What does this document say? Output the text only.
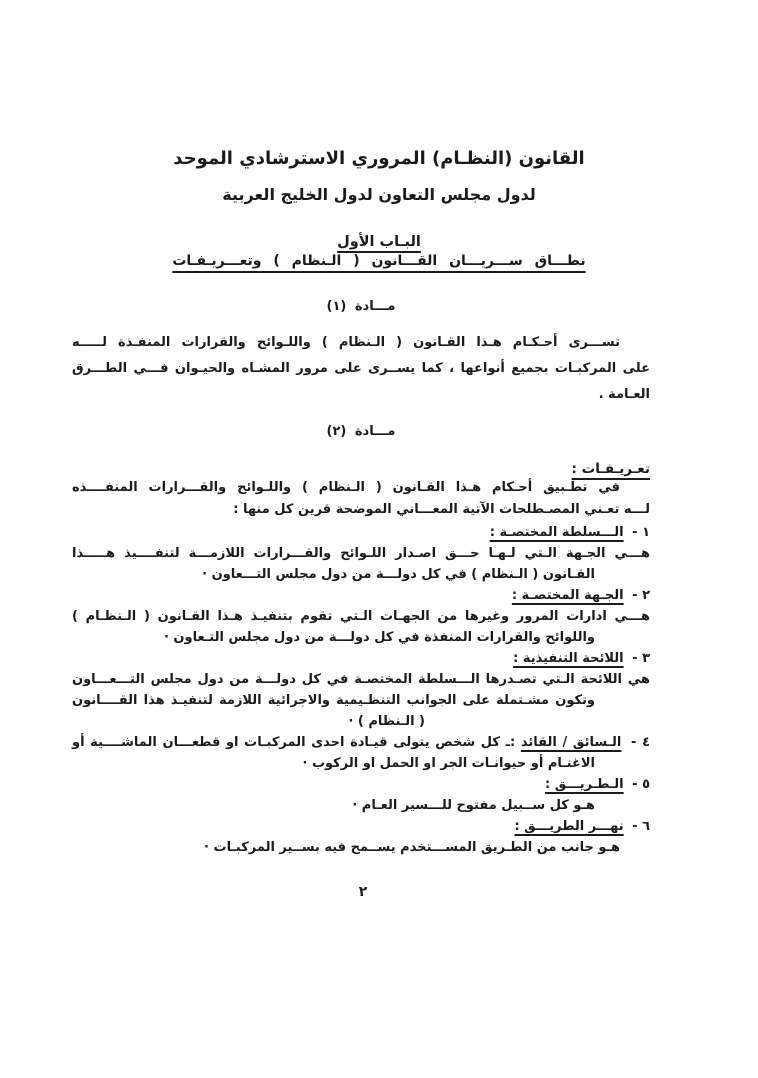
القانون (النظـام) المروري الاسترشادي الموحد
لدول مجلس التعاون لدول الخليج العربية
البـاب الأول
نطـــاق ســـريـــان القـــانون ( الـنظام ) وتعـــريـفـات
مـــادة (١)
تســـرى أحـكـام هـذا القـانون ( الـنظام ) واللـوائح والقرارات المنفـذة لـــــه
على المركبـات بجميع أنواعها ، كما يســرى على مرور المشـاه والحيـوان فـــي الطـــرق
العـامة .
مـــادة (٢)
تعـريـفـات :
في تطـبيق أحـكام هـذا القـانون ( الـنظام ) واللـوائح والقـــرارات المنفــــذه
لـــه تعـني المصـطلحات الآتية المعـــاني الموضحة قرين كل منها :
١ - الـــسلطة المختصـة :
هـــي الجـهة الـتي لـهـا حـــق اصـدار اللـوائح والقـــرارات اللازمـــة لتنفــــيذ هـــــذا
القـانون ( الـنظام ) في كل دولـــة من دول مجلس التـــعاون ·
٢ - الجـهة المختصـة :
هـــي ادارات المرور وغيرها من الجهـات الـتي تقوم بتنفيـذ هـذا القـانون ( الـنظـام )
واللوائح والقرارات المنفذة في كل دولـــة من دول مجلس التـعاون ·
٣ - اللائحة التنفيذية :
هي اللائحة الـتي تصـدرها الـــسلطة المختصـة في كل دولـــة من دول مجلس التـــعـــاون
وتكون مشـتملة على الجوانب التنظـيمية والاجرائية اللازمة لتنفيـذ هذا القــــانون
( الـنظام ) ·
٤ - الـسائق / القائد :ـ كل شخص يتولى قيـادة احدى المركبـات او قطعـــان الماشــــية أو
الاغنـام أو حيوانـات الجر او الحمل او الركوب ·
٥ - الـطـريـــق :
هـو كل ســبيل مفتوح للـــسير العـام ·
٦ - نهـــر الطريـــق :
هـو جانب من الطـريق المســـتخدم يســمح فيه بســير المركبـات ·
٢
